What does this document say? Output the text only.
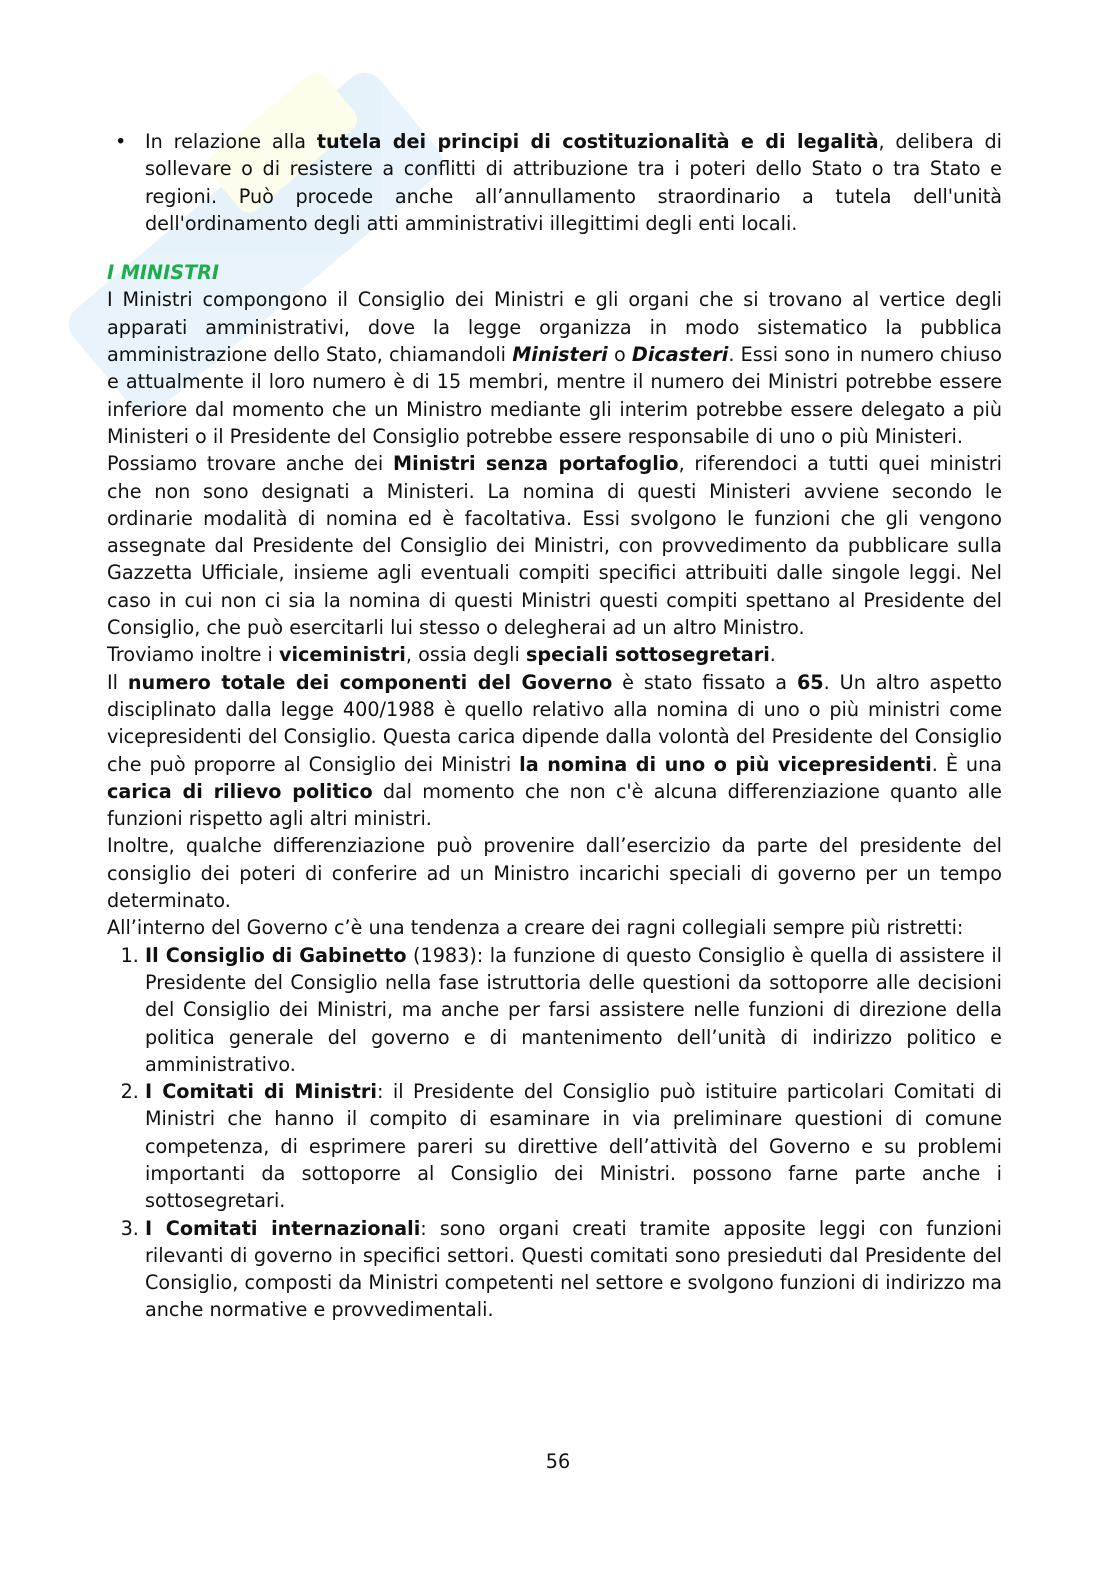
• In relazione alla tutela dei principi di costituzionalità e di legalità, delibera di sollevare o di resistere a conflitti di attribuzione tra i poteri dello Stato o tra Stato e regioni. Può procede anche all’annullamento straordinario a tutela dell'unità dell'ordinamento degli atti amministrativi illegittimi degli enti locali.

I MINISTRI

I Ministri compongono il Consiglio dei Ministri e gli organi che si trovano al vertice degli apparati amministrativi, dove la legge organizza in modo sistematico la pubblica amministrazione dello Stato, chiamandoli Ministeri o Dicasteri. Essi sono in numero chiuso e attualmente il loro numero è di 15 membri, mentre il numero dei Ministri potrebbe essere inferiore dal momento che un Ministro mediante gli interim potrebbe essere delegato a più Ministeri o il Presidente del Consiglio potrebbe essere responsabile di uno o più Ministeri.

Possiamo trovare anche dei Ministri senza portafoglio, riferendoci a tutti quei ministri che non sono designati a Ministeri. La nomina di questi Ministeri avviene secondo le ordinarie modalità di nomina ed è facoltativa. Essi svolgono le funzioni che gli vengono assegnate dal Presidente del Consiglio dei Ministri, con provvedimento da pubblicare sulla Gazzetta Ufficiale, insieme agli eventuali compiti specifici attribuiti dalle singole leggi. Nel caso in cui non ci sia la nomina di questi Ministri questi compiti spettano al Presidente del Consiglio, che può esercitarli lui stesso o delegherai ad un altro Ministro.

Troviamo inoltre i viceministri, ossia degli speciali sottosegretari.

Il numero totale dei componenti del Governo è stato fissato a 65. Un altro aspetto disciplinato dalla legge 400/1988 è quello relativo alla nomina di uno o più ministri come vicepresidenti del Consiglio. Questa carica dipende dalla volontà del Presidente del Consiglio che può proporre al Consiglio dei Ministri la nomina di uno o più vicepresidenti. È una carica di rilievo politico dal momento che non c'è alcuna differenziazione quanto alle funzioni rispetto agli altri ministri.

Inoltre, qualche differenziazione può provenire dall’esercizio da parte del presidente del consiglio dei poteri di conferire ad un Ministro incarichi speciali di governo per un tempo determinato.

All’interno del Governo c’è una tendenza a creare dei ragni collegiali sempre più ristretti:

1. Il Consiglio di Gabinetto (1983): la funzione di questo Consiglio è quella di assistere il Presidente del Consiglio nella fase istruttoria delle questioni da sottoporre alle decisioni del Consiglio dei Ministri, ma anche per farsi assistere nelle funzioni di direzione della politica generale del governo e di mantenimento dell’unità di indirizzo politico e amministrativo.
2. I Comitati di Ministri: il Presidente del Consiglio può istituire particolari Comitati di Ministri che hanno il compito di esaminare in via preliminare questioni di comune competenza, di esprimere pareri su direttive dell’attività del Governo e su problemi importanti da sottoporre al Consiglio dei Ministri. possono farne parte anche i sottosegretari.
3. I Comitati internazionali: sono organi creati tramite apposite leggi con funzioni rilevanti di governo in specifici settori. Questi comitati sono presieduti dal Presidente del Consiglio, composti da Ministri competenti nel settore e svolgono funzioni di indirizzo ma anche normative e provvedimentali.
56
